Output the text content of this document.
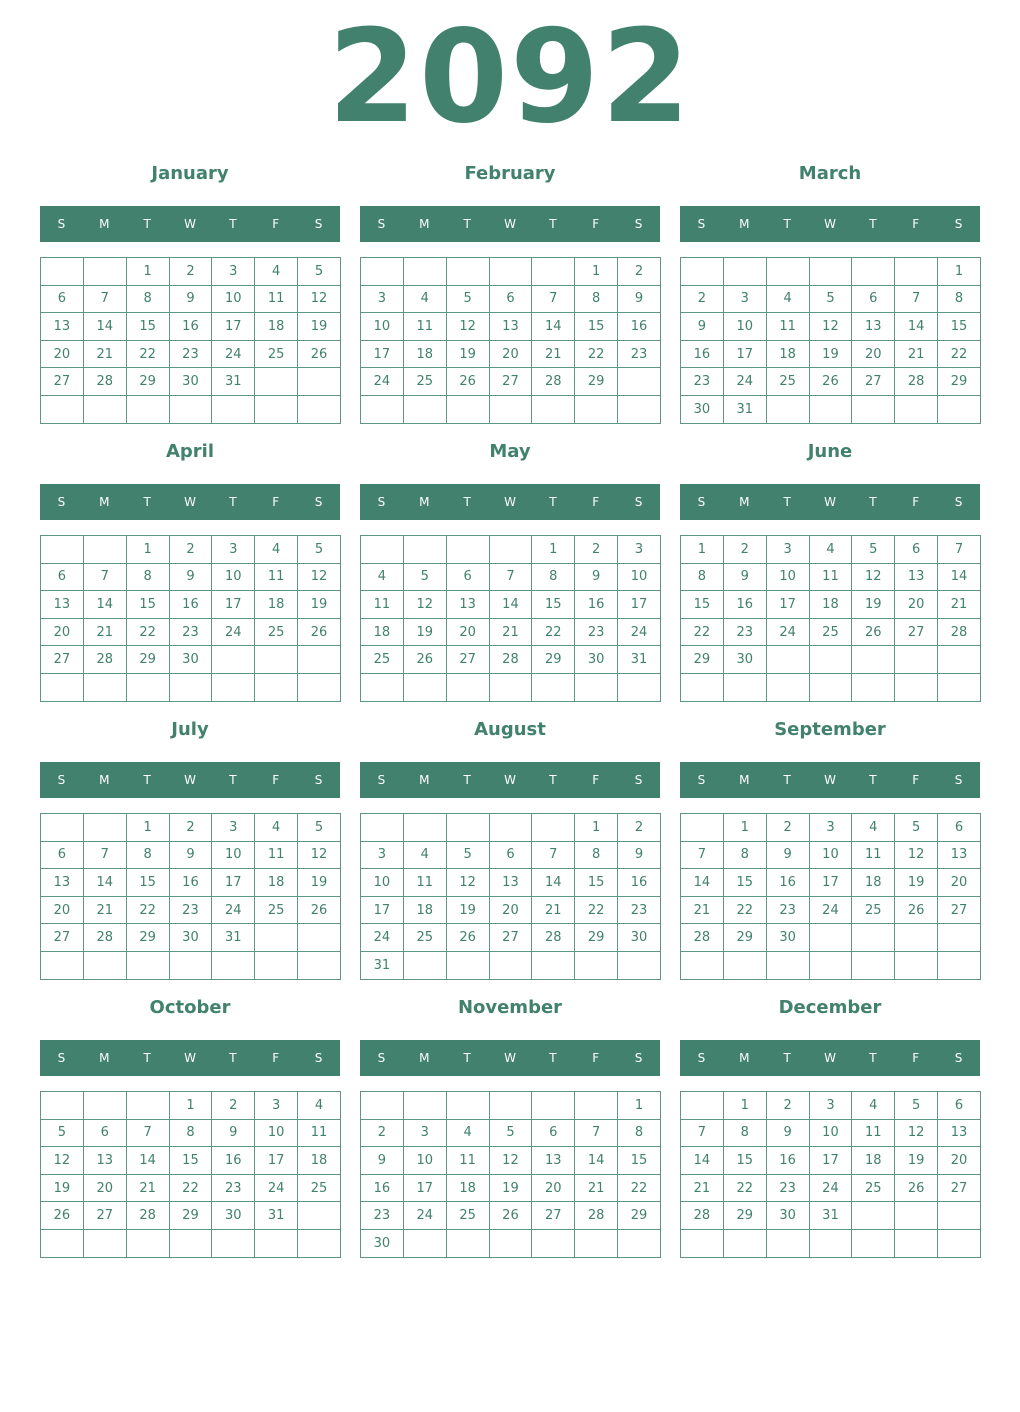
2092
January
S	M	T	W	T	F	S
		1	2	3	4	5
6	7	8	9	10	11	12
13	14	15	16	17	18	19
20	21	22	23	24	25	26
27	28	29	30	31		

February
S	M	T	W	T	F	S
					1	2
3	4	5	6	7	8	9
10	11	12	13	14	15	16
17	18	19	20	21	22	23
24	25	26	27	28	29	

March
S	M	T	W	T	F	S
						1
2	3	4	5	6	7	8
9	10	11	12	13	14	15
16	17	18	19	20	21	22
23	24	25	26	27	28	29
30	31					
April
S	M	T	W	T	F	S
		1	2	3	4	5
6	7	8	9	10	11	12
13	14	15	16	17	18	19
20	21	22	23	24	25	26
27	28	29	30			

May
S	M	T	W	T	F	S
				1	2	3
4	5	6	7	8	9	10
11	12	13	14	15	16	17
18	19	20	21	22	23	24
25	26	27	28	29	30	31

June
S	M	T	W	T	F	S
1	2	3	4	5	6	7
8	9	10	11	12	13	14
15	16	17	18	19	20	21
22	23	24	25	26	27	28
29	30					

July
S	M	T	W	T	F	S
		1	2	3	4	5
6	7	8	9	10	11	12
13	14	15	16	17	18	19
20	21	22	23	24	25	26
27	28	29	30	31		

August
S	M	T	W	T	F	S
					1	2
3	4	5	6	7	8	9
10	11	12	13	14	15	16
17	18	19	20	21	22	23
24	25	26	27	28	29	30
31						
September
S	M	T	W	T	F	S
	1	2	3	4	5	6
7	8	9	10	11	12	13
14	15	16	17	18	19	20
21	22	23	24	25	26	27
28	29	30				

October
S	M	T	W	T	F	S
			1	2	3	4
5	6	7	8	9	10	11
12	13	14	15	16	17	18
19	20	21	22	23	24	25
26	27	28	29	30	31	

November
S	M	T	W	T	F	S
						1
2	3	4	5	6	7	8
9	10	11	12	13	14	15
16	17	18	19	20	21	22
23	24	25	26	27	28	29
30						
December
S	M	T	W	T	F	S
	1	2	3	4	5	6
7	8	9	10	11	12	13
14	15	16	17	18	19	20
21	22	23	24	25	26	27
28	29	30	31			
